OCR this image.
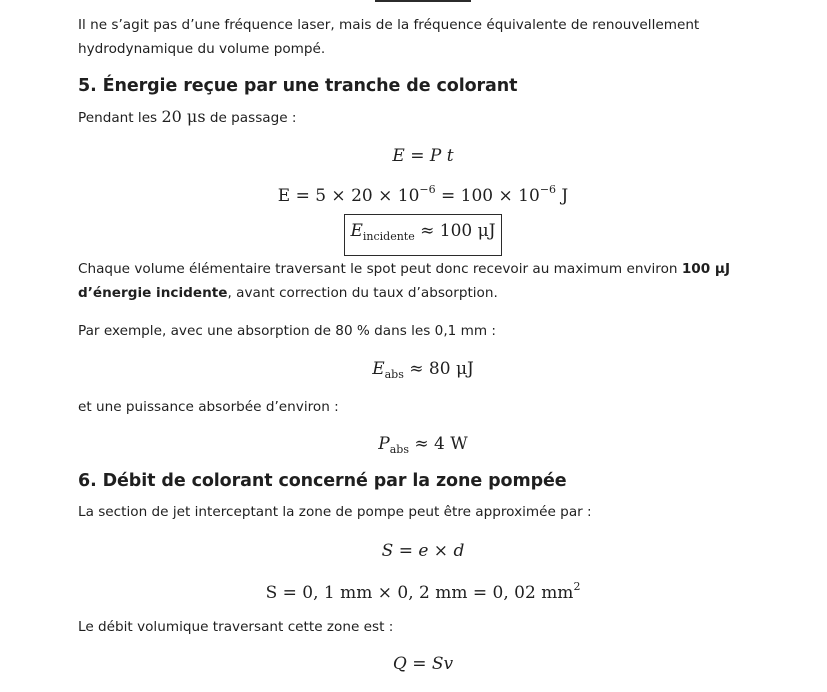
Il ne s’agit pas d’une fréquence laser, mais de la fréquence équivalente de renouvellement hydrodynamique du volume pompé.

5. Énergie reçue par une tranche de colorant

Pendant les 20 μs de passage :

E = P t
$E = 5 \times 20 \times 10^{-6} = 100 \times 10^{-6}$ J
$E_{incidente} \approx 100$ μJ

Chaque volume élémentaire traversant le spot peut donc recevoir au maximum environ 100 µJ d’énergie incidente, avant correction du taux d’absorption.

Par exemple, avec une absorption de 80 % dans les 0,1 mm :

$E_{abs} \approx 80$ μJ

et une puissance absorbée d’environ :

$P_{abs} \approx 4$ W
6. Débit de colorant concerné par la zone pompée

La section de jet interceptant la zone de pompe peut être approximée par :

S = e × d
S = 0, 1 mm × 0, 2 mm = 0, 02 $mm^2$

Le débit volumique traversant cette zone est :

Q = Sv
